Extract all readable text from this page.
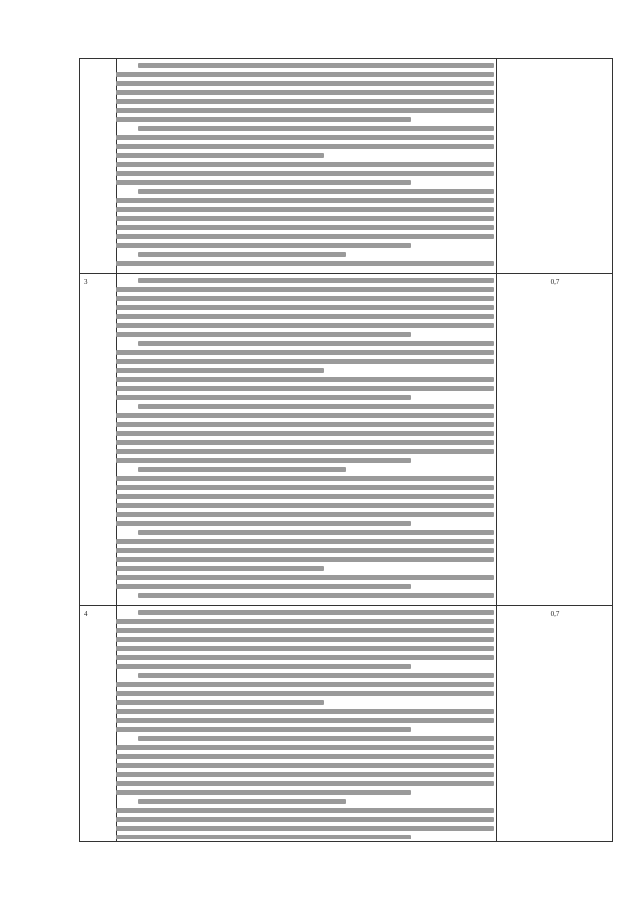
3	0,7
4	0,7
